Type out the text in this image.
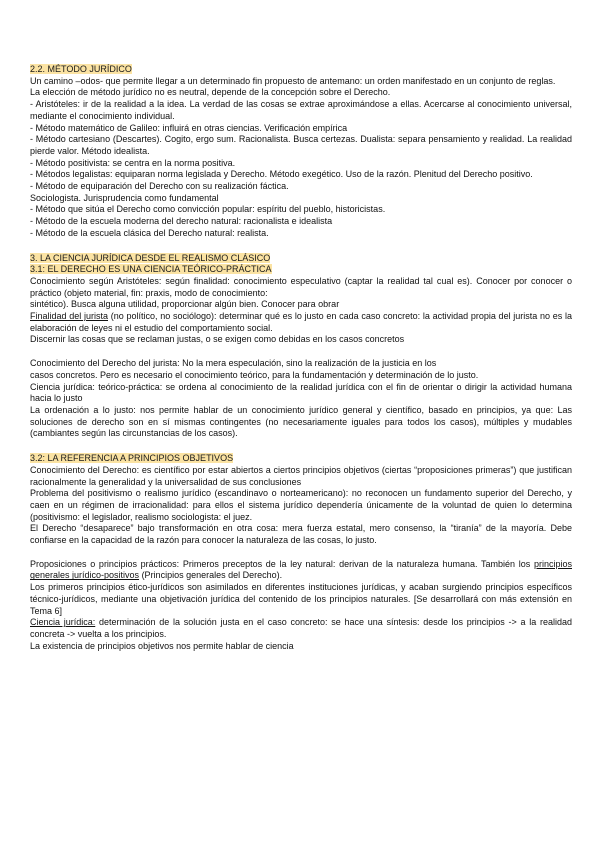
2.2. MÉTODO JURÍDICO

Un camino –odos- que permite llegar a un determinado fin propuesto de antemano: un orden manifestado en un conjunto de reglas.

La elección de método jurídico no es neutral, depende de la concepción sobre el Derecho.

- Aristóteles: ir de la realidad a la idea. La verdad de las cosas se extrae aproximándose a ellas. Acercarse al conocimiento universal, mediante el conocimiento individual.

- Método matemático de Galileo: influirá en otras ciencias. Verificación empírica

- Método cartesiano (Descartes). Cogito, ergo sum. Racionalista. Busca certezas. Dualista: separa pensamiento y realidad. La realidad pierde valor. Método idealista.

- Método positivista: se centra en la norma positiva.

- Métodos legalistas: equiparan norma legislada y Derecho. Método exegético. Uso de la razón. Plenitud del Derecho positivo.

- Método de equiparación del Derecho con su realización fáctica.

Sociologista. Jurisprudencia como fundamental

- Método que sitúa el Derecho como convicción popular: espíritu del pueblo, historicistas.

- Método de la escuela moderna del derecho natural: racionalista e idealista

- Método de la escuela clásica del Derecho natural: realista.

3. LA CIENCIA JURÍDICA DESDE EL REALISMO CLÁSICO

3.1: EL DERECHO ES UNA CIENCIA TEÓRICO-PRÁCTICA

Conocimiento según Aristóteles: según finalidad: conocimiento especulativo (captar la realidad tal cual es). Conocer por conocer o práctico (objeto material, fin: praxis, modo de conocimiento:

sintético). Busca alguna utilidad, proporcionar algún bien. Conocer para obrar

Finalidad del jurista (no político, no sociólogo): determinar qué es lo justo en cada caso concreto: la actividad propia del jurista no es la elaboración de leyes ni el estudio del comportamiento social.

Discernir las cosas que se reclaman justas, o se exigen como debidas en los casos concretos

Conocimiento del Derecho del jurista: No la mera especulación, sino la realización de la justicia en los

casos concretos. Pero es necesario el conocimiento teórico, para la fundamentación y determinación de lo justo.

Ciencia jurídica: teórico-práctica: se ordena al conocimiento de la realidad jurídica con el fin de orientar o dirigir la actividad humana hacia lo justo

La ordenación a lo justo: nos permite hablar de un conocimiento jurídico general y científico, basado en principios, ya que: Las soluciones de derecho son en sí mismas contingentes (no necesariamente iguales para todos los casos), múltiples y mudables (cambiantes según las circunstancias de los casos).

3.2: LA REFERENCIA A PRINCIPIOS OBJETIVOS

Conocimiento del Derecho: es científico por estar abiertos a ciertos principios objetivos (ciertas “proposiciones primeras”) que justifican racionalmente la generalidad y la universalidad de sus conclusiones

Problema del positivismo o realismo jurídico (escandinavo o norteamericano): no reconocen un fundamento superior del Derecho, y caen en un régimen de irracionalidad: para ellos el sistema jurídico dependería únicamente de la voluntad de quien lo determina (positivismo: el legislador, realismo sociologista: el juez.

El Derecho “desaparece” bajo transformación en otra cosa: mera fuerza estatal, mero consenso, la “tiranía” de la mayoría. Debe confiarse en la capacidad de la razón para conocer la naturaleza de las cosas, lo justo.

Proposiciones o principios prácticos: Primeros preceptos de la ley natural: derivan de la naturaleza humana. También los principios generales jurídico-positivos (Principios generales del Derecho).

Los primeros principios ético-jurídicos son asimilados en diferentes instituciones jurídicas, y acaban surgiendo principios específicos técnico-jurídicos, mediante una objetivación jurídica del contenido de los principios naturales. [Se desarrollará con más extensión en Tema 6]

Ciencia jurídica: determinación de la solución justa en el caso concreto: se hace una síntesis: desde los principios -> a la realidad concreta -> vuelta a los principios.

La existencia de principios objetivos nos permite hablar de ciencia
